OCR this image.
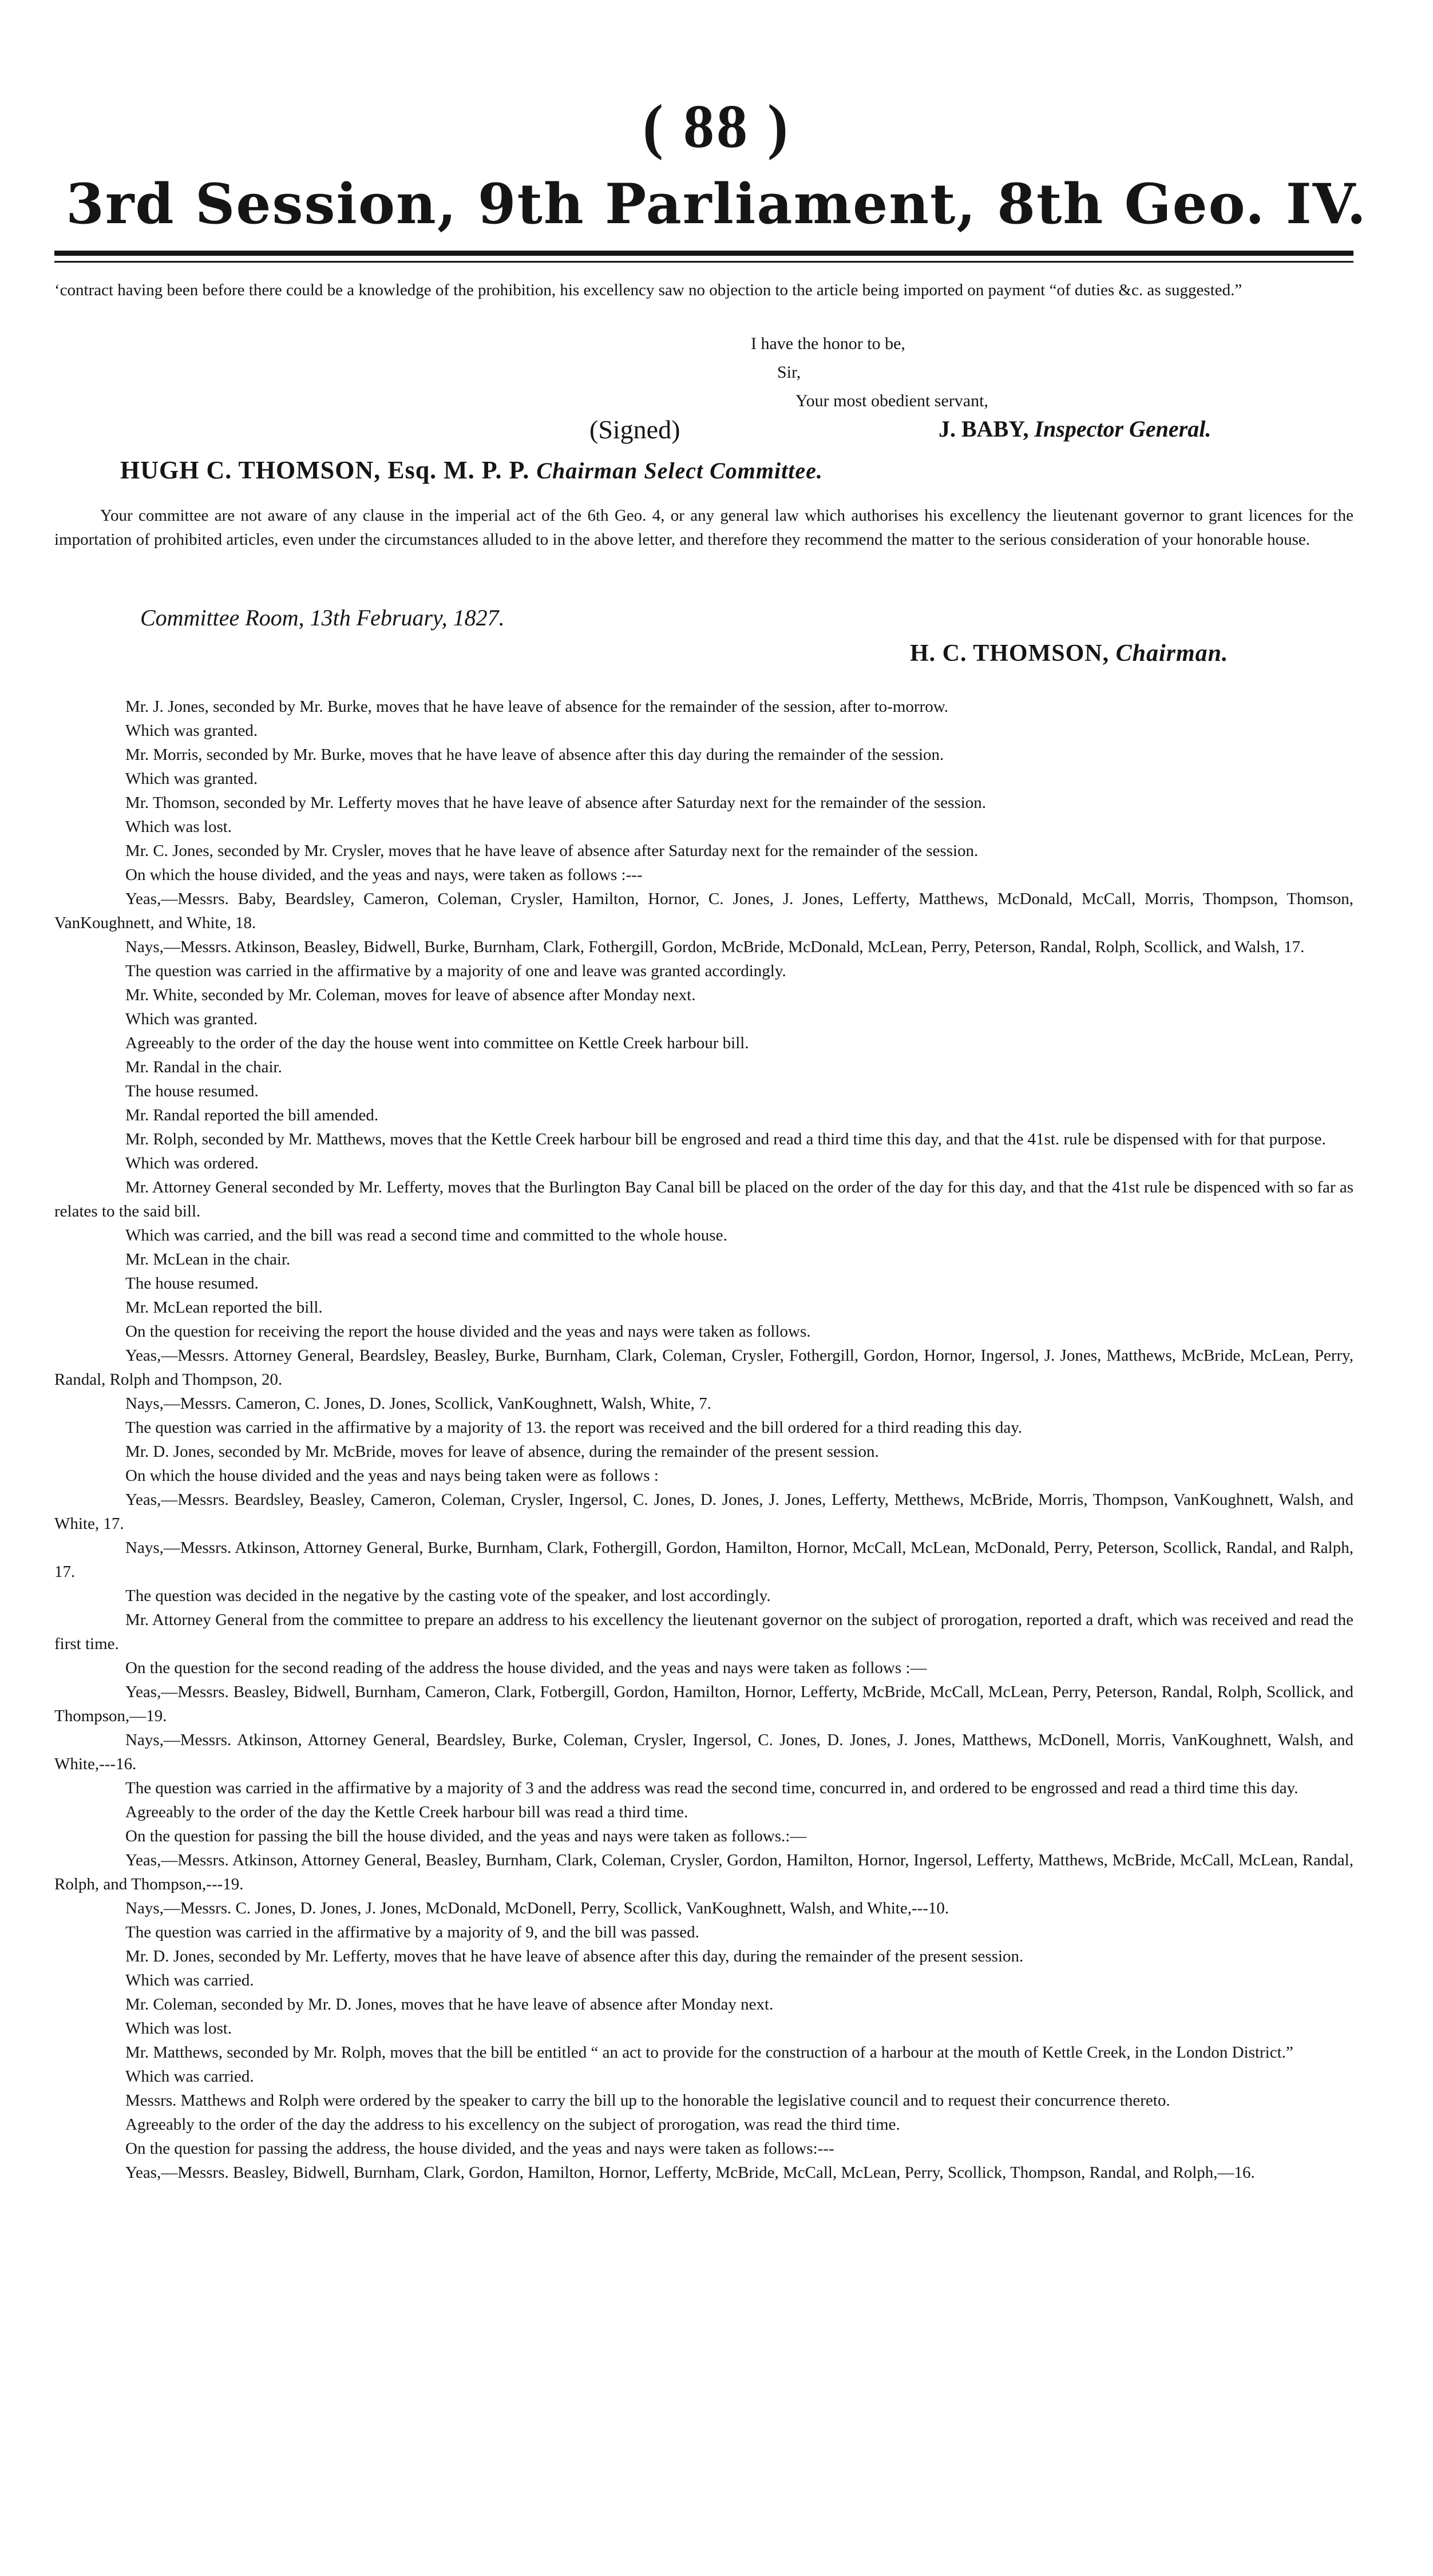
( 88 )
3rd Session, 9th Parliament, 8th Geo. IV.
‘contract having been before there could be a knowledge of the prohibition, his excellency saw no objection to the article being imported on payment “of duties &c. as suggested.”
I have the honor to be,
Sir,
Your most obedient servant,
(Signed)	J. BABY, Inspector General.
HUGH C. THOMSON, Esq. M. P. P. Chairman Select Committee.
Your committee are not aware of any clause in the imperial act of the 6th Geo. 4, or any general law which authorises his excellency the lieutenant governor to grant licences for the importation of prohibited articles, even under the circumstances alluded to in the above letter, and therefore they recommend the matter to the serious consideration of your honorable house.
Committee Room, 13th February, 1827.
H. C. THOMSON, Chairman.

Mr. J. Jones, seconded by Mr. Burke, moves that he have leave of absence for the remainder of the session, after to-morrow.

Which was granted.

Mr. Morris, seconded by Mr. Burke, moves that he have leave of absence after this day during the remainder of the session.

Which was granted.

Mr. Thomson, seconded by Mr. Lefferty moves that he have leave of absence after Saturday next for the remainder of the session.

Which was lost.

Mr. C. Jones, seconded by Mr. Crysler, moves that he have leave of absence after Saturday next for the remainder of the session.

On which the house divided, and the yeas and nays, were taken as follows :---

Yeas,—Messrs. Baby, Beardsley, Cameron, Coleman, Crysler, Hamilton, Hornor, C. Jones, J. Jones, Lefferty, Matthews, McDonald, McCall, Morris, Thompson, Thomson, VanKoughnett, and White, 18.

Nays,—Messrs. Atkinson, Beasley, Bidwell, Burke, Burnham, Clark, Fothergill, Gordon, McBride, McDonald, McLean, Perry, Peterson, Randal, Rolph, Scollick, and Walsh, 17.

The question was carried in the affirmative by a majority of one and leave was granted accordingly.

Mr. White, seconded by Mr. Coleman, moves for leave of absence after Monday next.

Which was granted.

Agreeably to the order of the day the house went into committee on Kettle Creek harbour bill.

Mr. Randal in the chair.

The house resumed.

Mr. Randal reported the bill amended.

Mr. Rolph, seconded by Mr. Matthews, moves that the Kettle Creek harbour bill be engrosed and read a third time this day, and that the 41st. rule be dispensed with for that purpose.

Which was ordered.

Mr. Attorney General seconded by Mr. Lefferty, moves that the Burlington Bay Canal bill be placed on the order of the day for this day, and that the 41st rule be dispenced with so far as relates to the said bill.

Which was carried, and the bill was read a second time and committed to the whole house.

Mr. McLean in the chair.

The house resumed.

Mr. McLean reported the bill.

On the question for receiving the report the house divided and the yeas and nays were taken as follows.

Yeas,—Messrs. Attorney General, Beardsley, Beasley, Burke, Burnham, Clark, Coleman, Crysler, Fothergill, Gordon, Hornor, Ingersol, J. Jones, Matthews, McBride, McLean, Perry, Randal, Rolph and Thompson, 20.

Nays,—Messrs. Cameron, C. Jones, D. Jones, Scollick, VanKoughnett, Walsh, White, 7.

The question was carried in the affirmative by a majority of 13. the report was received and the bill ordered for a third reading this day.

Mr. D. Jones, seconded by Mr. McBride, moves for leave of absence, during the remainder of the present session.

On which the house divided and the yeas and nays being taken were as follows :

Yeas,—Messrs. Beardsley, Beasley, Cameron, Coleman, Crysler, Ingersol, C. Jones, D. Jones, J. Jones, Lefferty, Metthews, McBride, Morris, Thompson, VanKoughnett, Walsh, and White, 17.

Nays,—Messrs. Atkinson, Attorney General, Burke, Burnham, Clark, Fothergill, Gordon, Hamilton, Hornor, McCall, McLean, McDonald, Perry, Peterson, Scollick, Randal, and Ralph, 17.

The question was decided in the negative by the casting vote of the speaker, and lost accordingly.

Mr. Attorney General from the committee to prepare an address to his excellency the lieutenant governor on the subject of prorogation, reported a draft, which was received and read the first time.

On the question for the second reading of the address the house divided, and the yeas and nays were taken as follows :—

Yeas,—Messrs. Beasley, Bidwell, Burnham, Cameron, Clark, Fotbergill, Gordon, Hamilton, Hornor, Lefferty, McBride, McCall, McLean, Perry, Peterson, Randal, Rolph, Scollick, and Thompson,—19.

Nays,—Messrs. Atkinson, Attorney General, Beardsley, Burke, Coleman, Crysler, Ingersol, C. Jones, D. Jones, J. Jones, Matthews, McDonell, Morris, VanKoughnett, Walsh, and White,---16.

The question was carried in the affirmative by a majority of 3 and the address was read the second time, concurred in, and ordered to be engrossed and read a third time this day.

Agreeably to the order of the day the Kettle Creek harbour bill was read a third time.

On the question for passing the bill the house divided, and the yeas and nays were taken as follows.:—

Yeas,—Messrs. Atkinson, Attorney General, Beasley, Burnham, Clark, Coleman, Crysler, Gordon, Hamilton, Hornor, Ingersol, Lefferty, Matthews, McBride, McCall, McLean, Randal, Rolph, and Thompson,---19.

Nays,—Messrs. C. Jones, D. Jones, J. Jones, McDonald, McDonell, Perry, Scollick, VanKoughnett, Walsh, and White,---10.

The question was carried in the affirmative by a majority of 9, and the bill was passed.

Mr. D. Jones, seconded by Mr. Lefferty, moves that he have leave of absence after this day, during the remainder of the present session.

Which was carried.

Mr. Coleman, seconded by Mr. D. Jones, moves that he have leave of absence after Monday next.

Which was lost.

Mr. Matthews, seconded by Mr. Rolph, moves that the bill be entitled “ an act to provide for the construction of a harbour at the mouth of Kettle Creek, in the London District.”

Which was carried.

Messrs. Matthews and Rolph were ordered by the speaker to carry the bill up to the honorable the legislative council and to request their concurrence thereto.

Agreeably to the order of the day the address to his excellency on the subject of prorogation, was read the third time.

On the question for passing the address, the house divided, and the yeas and nays were taken as follows:---

Yeas,—Messrs. Beasley, Bidwell, Burnham, Clark, Gordon, Hamilton, Hornor, Lefferty, McBride, McCall, McLean, Perry, Scollick, Thompson, Randal, and Rolph,—16.
